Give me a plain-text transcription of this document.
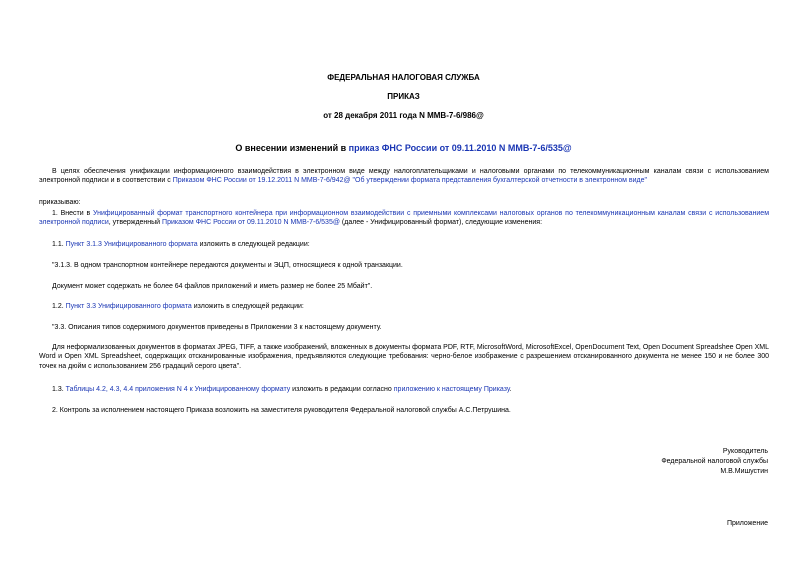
ФЕДЕРАЛЬНАЯ НАЛОГОВАЯ СЛУЖБА
ПРИКАЗ
от 28 декабря 2011 года N ММВ-7-6/986@
О внесении изменений в приказ ФНС России от 09.11.2010 N ММВ-7-6/535@
В целях обеспечения унификации информационного взаимодействия в электронном виде между налогоплательщиками и налоговыми органами по телекоммуникационным каналам связи с использованием электронной подписи и в соответствии с Приказом ФНС России от 19.12.2011 N ММВ-7-6/942@ "Об утверждении формата представления бухгалтерской отчетности в электронном виде"
приказываю:
1. Внести в Унифицированный формат транспортного контейнера при информационном взаимодействии с приемными комплексами налоговых органов по телекоммуникационным каналам связи с использованием электронной подписи, утвержденный Приказом ФНС России от 09.11.2010 N ММВ-7-6/535@ (далее - Унифицированный формат), следующие изменения:
1.1. Пункт 3.1.3 Унифицированного формата изложить в следующей редакции:
"3.1.3. В одном транспортном контейнере передаются документы и ЭЦП, относящиеся к одной транзакции.
Документ может содержать не более 64 файлов приложений и иметь размер не более 25 Мбайт".
1.2. Пункт 3.3 Унифицированного формата изложить в следующей редакции:
"3.3. Описания типов содержимого документов приведены в Приложении 3 к настоящему документу.
Для неформализованных документов в форматах JPEG, TIFF, а также изображений, вложенных в документы формата PDF, RTF, MicrosoftWord, MicrosoftExcel, OpenDocument Text, Open Document Spreadshee Open XML Word и Open XML Spreadsheet, содержащих отсканированные изображения, предъявляются следующие требования: черно-белое изображение с разрешением отсканированного документа не менее 150 и не более 300 точек на дюйм с использованием 256 градаций серого цвета".
1.3. Таблицы 4.2, 4.3, 4.4 приложения N 4 к Унифицированному формату изложить в редакции согласно приложению к настоящему Приказу.
2. Контроль за исполнением настоящего Приказа возложить на заместителя руководителя Федеральной налоговой службы А.С.Петрушина.
Руководитель
Федеральной налоговой службы
М.В.Мишустин
Приложение
